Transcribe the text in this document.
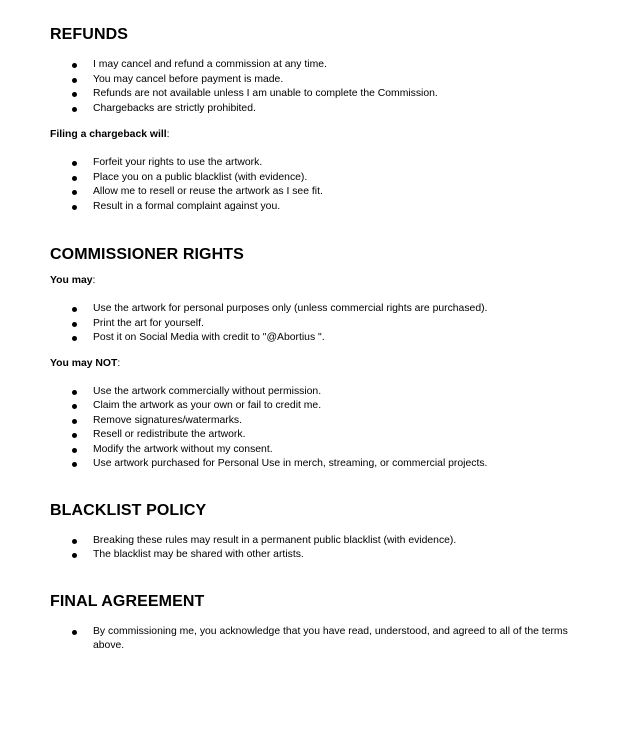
REFUNDS
I may cancel and refund a commission at any time.
You may cancel before payment is made.
Refunds are not available unless I am unable to complete the Commission.
Chargebacks are strictly prohibited.

Filing a chargeback will:

Forfeit your rights to use the artwork.
Place you on a public blacklist (with evidence).
Allow me to resell or reuse the artwork as I see fit.
Result in a formal complaint against you.
COMMISSIONER RIGHTS

You may:

Use the artwork for personal purposes only (unless commercial rights are purchased).
Print the art for yourself.
Post it on Social Media with credit to "@Abortius ".

You may NOT:

Use the artwork commercially without permission.
Claim the artwork as your own or fail to credit me.
Remove signatures/watermarks.
Resell or redistribute the artwork.
Modify the artwork without my consent.
Use artwork purchased for Personal Use in merch, streaming, or commercial projects.
BLACKLIST POLICY
Breaking these rules may result in a permanent public blacklist (with evidence).
The blacklist may be shared with other artists.
FINAL AGREEMENT
By commissioning me, you acknowledge that you have read, understood, and agreed to all of the terms above.
